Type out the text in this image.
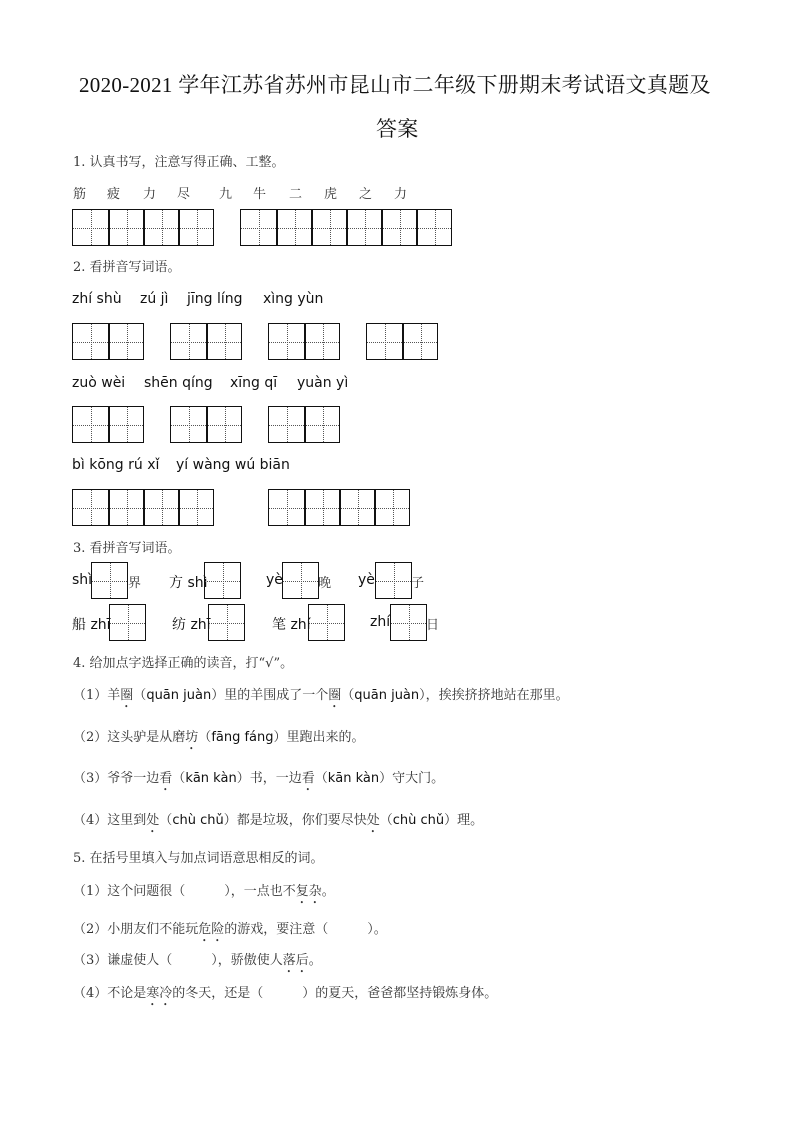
2020-2021 学年江苏省苏州市昆山市二年级下册期末考试语文真题及
答案
1. 认真书写，注意写得正确、工整。
筋 疲 力 尽 九 牛 二 虎 之 力
2. 看拼音写词语。
zhí shù zú jì jīng líng xìng yùn
zuò wèi shēn qíng xīng qī yuàn yì
bì kōng rú xǐ yí wàng wú biān
3. 看拼音写词语。
shì	界 方 shì	yè	晚 yè	子
船 zhī	纺 zhī	笔 zhí	zhí	日
4. 给加点字选择正确的读音，打“√”。
（1）羊圈（quān juàn）里的羊围成了一个圈（quān juàn），挨挨挤挤地站在那里。
（2）这头驴是从磨坊（fāng fáng）里跑出来的。
（3）爷爷一边看（kān kàn）书，一边看（kān kàn）守大门。
（4）这里到处（chù chǔ）都是垃圾，你们要尽快处（chù chǔ）理。
5. 在括号里填入与加点词语意思相反的词。
（1）这个问题很（　　　），一点也不复杂。
（2）小朋友们不能玩危险的游戏，要注意（　　　）。
（3）谦虚使人（　　　），骄傲使人落后。
（4）不论是寒冷的冬天，还是（　　　）的夏天，爸爸都坚持锻炼身体。
